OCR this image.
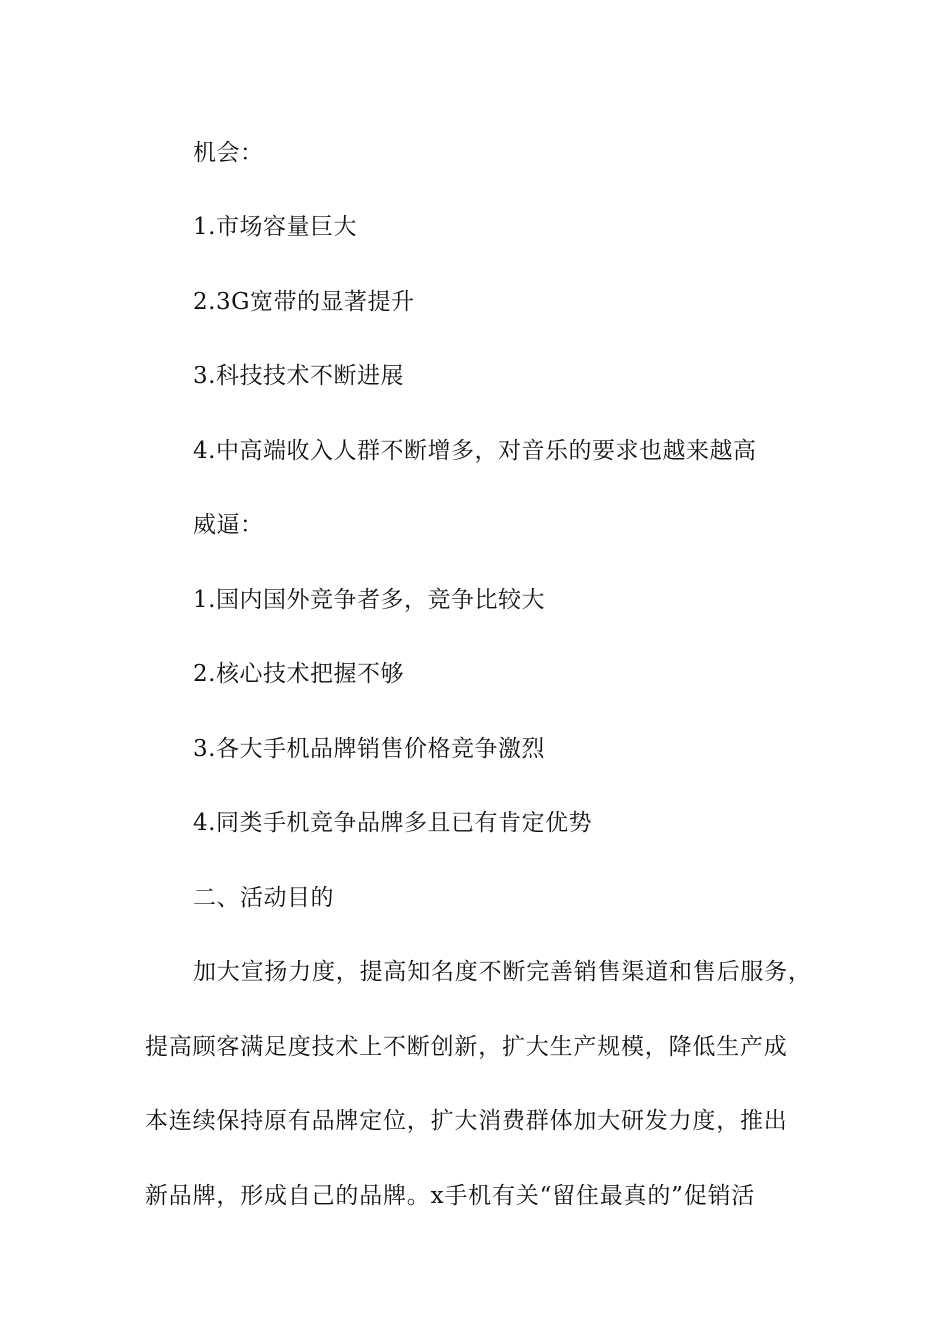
机会：
1.市场容量巨大
2.3G宽带的显著提升
3.科技技术不断进展
4.中高端收入人群不断增多，对音乐的要求也越来越高
威逼：
1.国内国外竞争者多，竞争比较大
2.核心技术把握不够
3.各大手机品牌销售价格竞争激烈
4.同类手机竞争品牌多且已有肯定优势
二、活动目的
加大宣扬力度，提高知名度不断完善销售渠道和售后服务，
提高顾客满足度技术上不断创新，扩大生产规模，降低生产成
本连续保持原有品牌定位，扩大消费群体加大研发力度，推出
新品牌，形成自己的品牌。x手机有关“留住最真的”促销活
